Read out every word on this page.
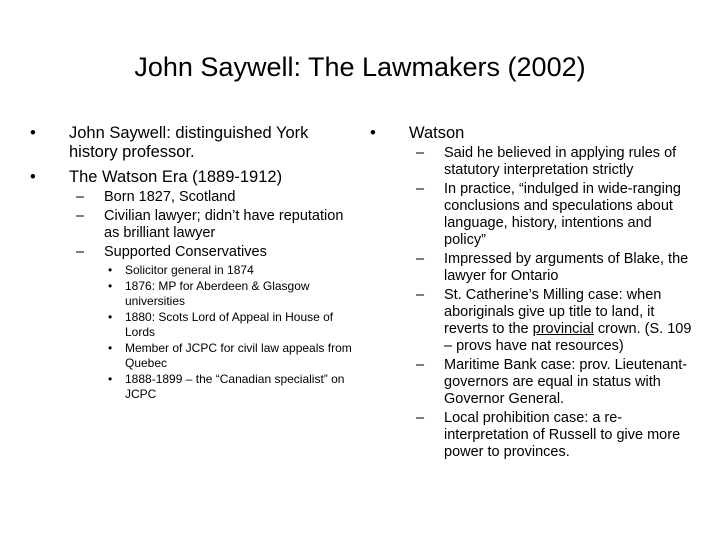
John Saywell: The Lawmakers (2002)
• John Saywell: distinguished York history professor.
• The Watson Era (1889-1912)
– Born 1827, Scotland
– Civilian lawyer; didn’t have reputation as brilliant lawyer
– Supported Conservatives
• Solicitor general in 1874
• 1876: MP for Aberdeen & Glasgow universities
• 1880: Scots Lord of Appeal in House of Lords
• Member of JCPC for civil law appeals from Quebec
• 1888-1899 – the “Canadian specialist” on JCPC
• Watson
– Said he believed in applying rules of statutory interpretation strictly
– In practice, “indulged in wide-ranging conclusions and speculations about language, history, intentions and policy”
– Impressed by arguments of Blake, the lawyer for Ontario
– St. Catherine’s Milling case: when aboriginals give up title to land, it reverts to the provincial crown. (S. 109 – provs have nat resources)
– Maritime Bank case: prov. Lieutenant-governors are equal in status with Governor General.
– Local prohibition case: a re-interpretation of Russell to give more power to provinces.
